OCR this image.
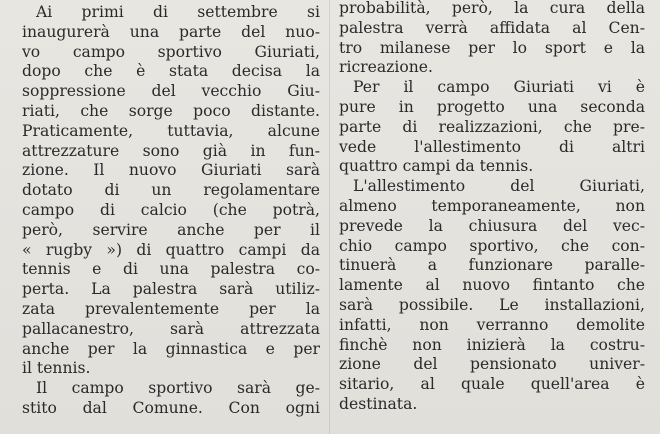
Ai primi di settembre si
inaugurerà una parte del nuo-
vo campo sportivo Giuriati,
dopo che è stata decisa la
soppressione del vecchio Giu-
riati, che sorge poco distante.
Praticamente, tuttavia, alcune
attrezzature sono già in fun-
zione. Il nuovo Giuriati sarà
dotato di un regolamentare
campo di calcio (che potrà,
però, servire anche per il
« rugby ») di quattro campi da
tennis e di una palestra co-
perta. La palestra sarà utiliz-
zata prevalentemente per la
pallacanestro, sarà attrezzata
anche per la ginnastica e per
il tennis.

Il campo sportivo sarà ge-
stito dal Comune. Con ogni

probabilità, però, la cura della
palestra verrà affidata al Cen-
tro milanese per lo sport e la
ricreazione.

Per il campo Giuriati vi è
pure in progetto una seconda
parte di realizzazioni, che pre-
vede l'allestimento di altri
quattro campi da tennis.

L'allestimento del Giuriati,
almeno temporaneamente, non
prevede la chiusura del vec-
chio campo sportivo, che con-
tinuerà a funzionare paralle-
lamente al nuovo fintanto che
sarà possibile. Le installazioni,
infatti, non verranno demolite
finchè non inizierà la costru-
zione del pensionato univer-
sitario, al quale quell'area è
destinata.
